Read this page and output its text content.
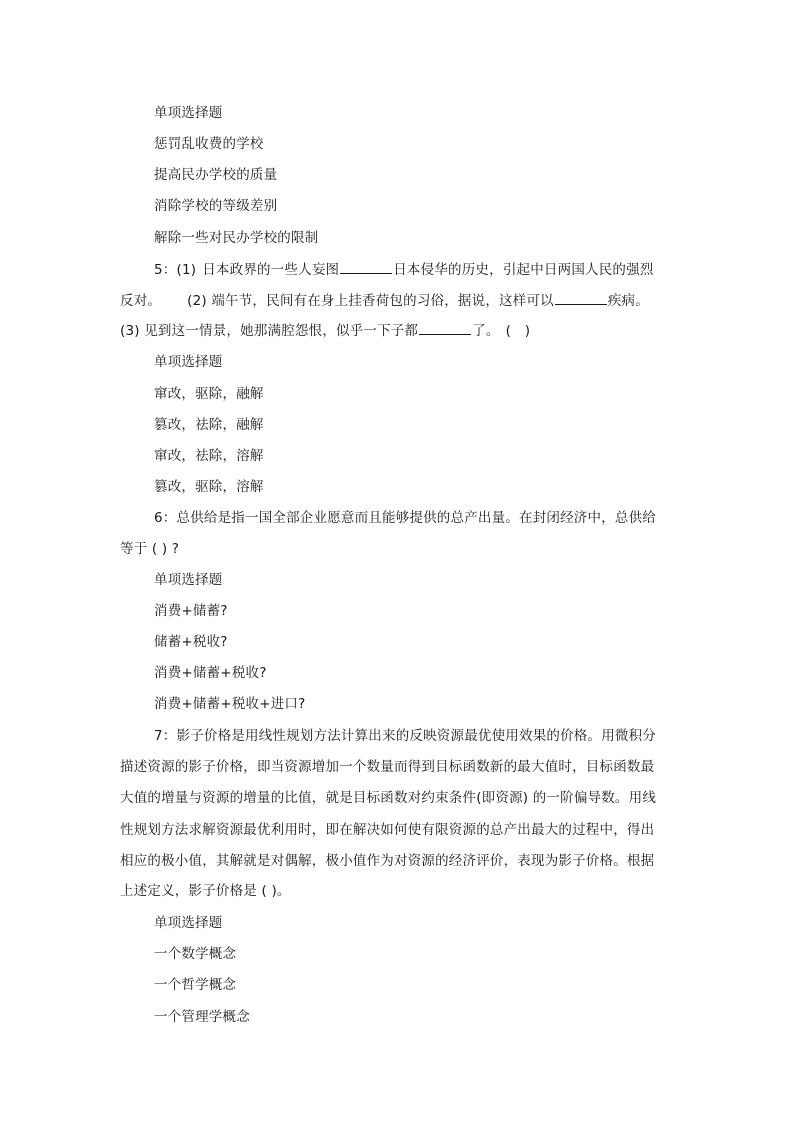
单项选择题
惩罚乱收费的学校
提高民办学校的质量
消除学校的等级差别
解除一些对民办学校的限制
5：(1) 日本政界的一些人妄图	日本侵华的历史，引起中日两国人民的强烈
反对。 (2) 端午节，民间有在身上挂香荷包的习俗，据说，这样可以	疾病。
(3) 见到这一情景，她那满腔怨恨，似乎一下子都	了。 (　)
单项选择题
窜改，驱除，融解
篡改，祛除，融解
窜改，祛除，溶解
篡改，驱除，溶解
6：总供给是指一国全部企业愿意而且能够提供的总产出量。在封闭经济中，总供给
等于 ( ) ?
单项选择题
消费+储蓄?
储蓄+税收?
消费+储蓄+税收?
消费+储蓄+税收+进口?
7：影子价格是用线性规划方法计算出来的反映资源最优使用效果的价格。用微积分
描述资源的影子价格，即当资源增加一个数量而得到目标函数新的最大值时，目标函数最
大值的增量与资源的增量的比值，就是目标函数对约束条件(即资源) 的一阶偏导数。用线
性规划方法求解资源最优利用时，即在解决如何使有限资源的总产出最大的过程中，得出
相应的极小值，其解就是对偶解，极小值作为对资源的经济评价，表现为影子价格。根据
上述定义，影子价格是 ( )。
单项选择题
一个数学概念
一个哲学概念
一个管理学概念
